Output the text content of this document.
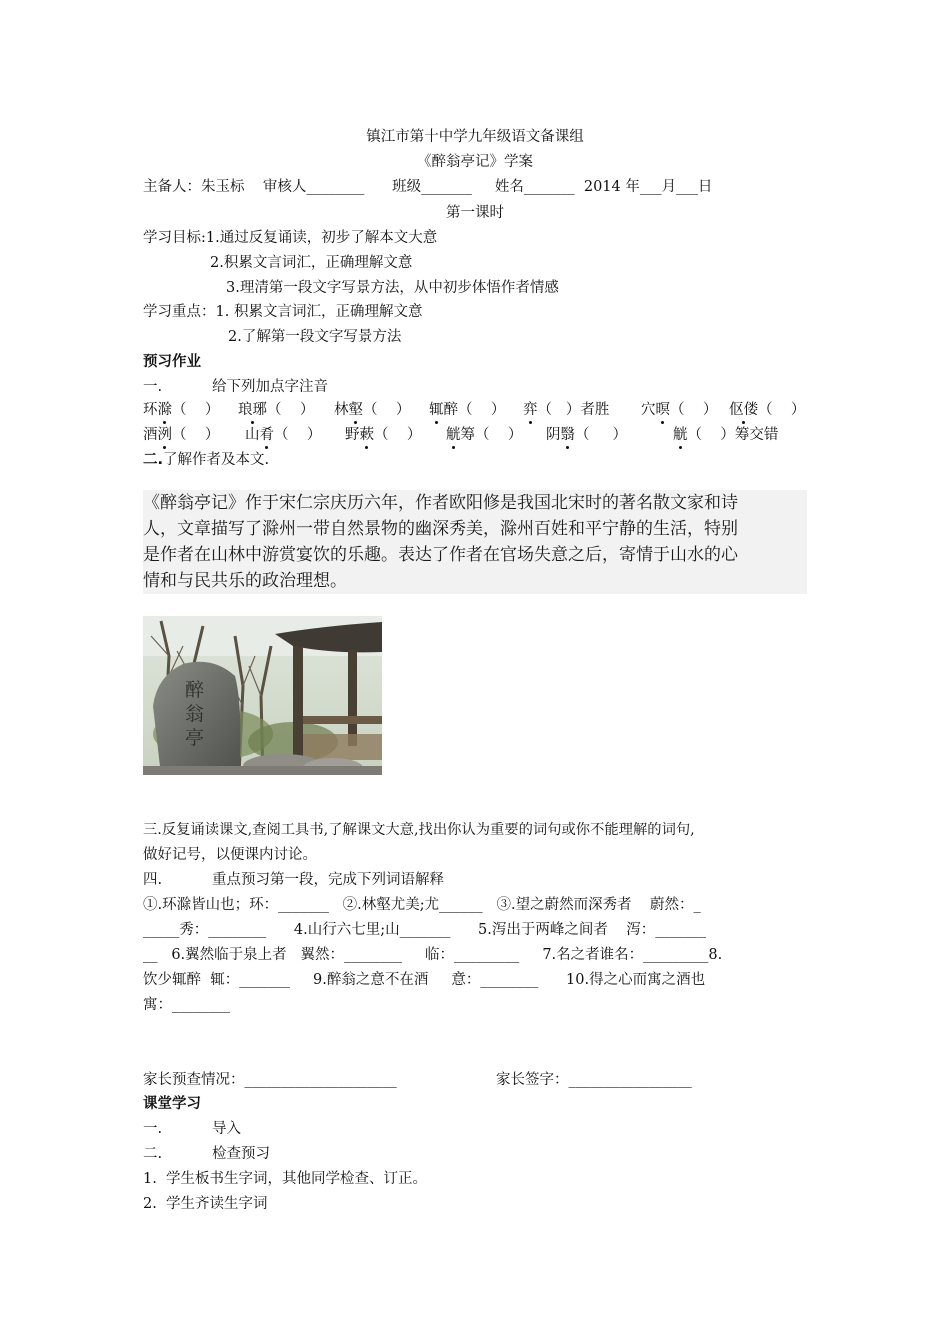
镇江市第十中学九年级语文备课组
《醉翁亭记》学案
主备人：朱玉标    审核人________      班级_______     姓名_______  2014 年___月___日
第一课时
学习目标:1.通过反复诵读，初步了解本文大意
2.积累文言词汇，正确理解文意
3.理清第一段文字写景方法，从中初步体悟作者情感
学习重点：1. 积累文言词汇，正确理解文意
2.了解第一段文字写景方法
预习作业
一.	给下列加点字注音
环滁（    ） 琅琊（    ） 林壑（    ） 辄醉（    ） 弈（   ）者胜 穴暝（    ） 伛偻（    ）
酒洌（    ） 山肴（    ） 野蔌（    ） 觥筹（    ） 阴翳（     ）	觥（    ）筹交错
二.了解作者及本文.
《醉翁亭记》作于宋仁宗庆历六年，作者欧阳修是我国北宋时的著名散文家和诗
人，文章描写了滁州一带自然景物的幽深秀美，滁州百姓和平宁静的生活，特别
是作者在山林中游赏宴饮的乐趣。表达了作者在官场失意之后，寄情于山水的心
情和与民共乐的政治理想。
醉翁亭
三.反复诵读课文,查阅工具书,了解课文大意,找出你认为重要的词句或你不能理解的词句,
做好记号，以便课内讨论。
四.	重点预习第一段，完成下列词语解释
①.环滁皆山也；环：_______   ②.林壑尤美;尤______   ③.望之蔚然而深秀者    蔚然：_
_____秀：________      4.山行六七里;山_______      5.泻出于两峰之间者    泻：_______
__   6.翼然临于泉上者   翼然：________     临：_________     7.名之者谁名：_________8.
饮少辄醉  辄：_______     9.醉翁之意不在酒     意：________      10.得之心而寓之酒也
寓：________
家长预查情况：_____________________	家长签字：_________________
课堂学习
一.	导入
二.	检查预习
1.  学生板书生字词，其他同学检查、订正。
2.  学生齐读生字词
